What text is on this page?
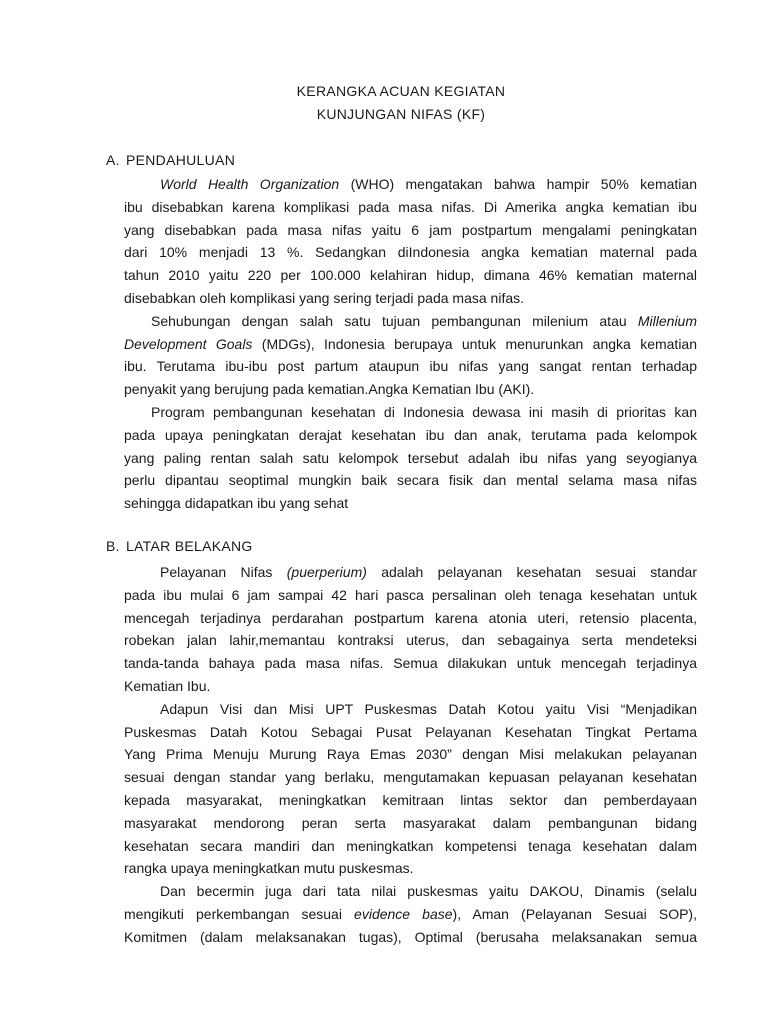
KERANGKA ACUAN KEGIATAN
KUNJUNGAN NIFAS (KF)
A. PENDAHULUAN
World Health Organization (WHO) mengatakan bahwa hampir 50% kematian
ibu disebabkan karena komplikasi pada masa nifas. Di Amerika angka kematian ibu
yang disebabkan pada masa nifas yaitu 6 jam postpartum mengalami peningkatan
dari 10% menjadi 13 %. Sedangkan diIndonesia angka kematian maternal pada
tahun 2010 yaitu 220 per 100.000 kelahiran hidup, dimana 46% kematian maternal
disebabkan oleh komplikasi yang sering terjadi pada masa nifas.
Sehubungan dengan salah satu tujuan pembangunan milenium atau Millenium
Development Goals (MDGs), Indonesia berupaya untuk menurunkan angka kematian
ibu. Terutama ibu-ibu post partum ataupun ibu nifas yang sangat rentan terhadap
penyakit yang berujung pada kematian.Angka Kematian Ibu (AKI).
Program pembangunan kesehatan di Indonesia dewasa ini masih di prioritas kan
pada upaya peningkatan derajat kesehatan ibu dan anak, terutama pada kelompok
yang paling rentan salah satu kelompok tersebut adalah ibu nifas yang seyogianya
perlu dipantau seoptimal mungkin baik secara fisik dan mental selama masa nifas
sehingga didapatkan ibu yang sehat
B. LATAR BELAKANG
Pelayanan Nifas (puerperium) adalah pelayanan kesehatan sesuai standar
pada ibu mulai 6 jam sampai 42 hari pasca persalinan oleh tenaga kesehatan untuk
mencegah terjadinya perdarahan postpartum karena atonia uteri, retensio placenta,
robekan jalan lahir,memantau kontraksi uterus, dan sebagainya serta mendeteksi
tanda-tanda bahaya pada masa nifas. Semua dilakukan untuk mencegah terjadinya
Kematian Ibu.
Adapun Visi dan Misi UPT Puskesmas Datah Kotou yaitu Visi “Menjadikan
Puskesmas Datah Kotou Sebagai Pusat Pelayanan Kesehatan Tingkat Pertama
Yang Prima Menuju Murung Raya Emas 2030” dengan Misi melakukan pelayanan
sesuai dengan standar yang berlaku, mengutamakan kepuasan pelayanan kesehatan
kepada masyarakat, meningkatkan kemitraan lintas sektor dan pemberdayaan
masyarakat mendorong peran serta masyarakat dalam pembangunan bidang
kesehatan secara mandiri dan meningkatkan kompetensi tenaga kesehatan dalam
rangka upaya meningkatkan mutu puskesmas.
Dan becermin juga dari tata nilai puskesmas yaitu DAKOU, Dinamis (selalu
mengikuti perkembangan sesuai evidence base), Aman (Pelayanan Sesuai SOP),
Komitmen (dalam melaksanakan tugas), Optimal (berusaha melaksanakan semua
